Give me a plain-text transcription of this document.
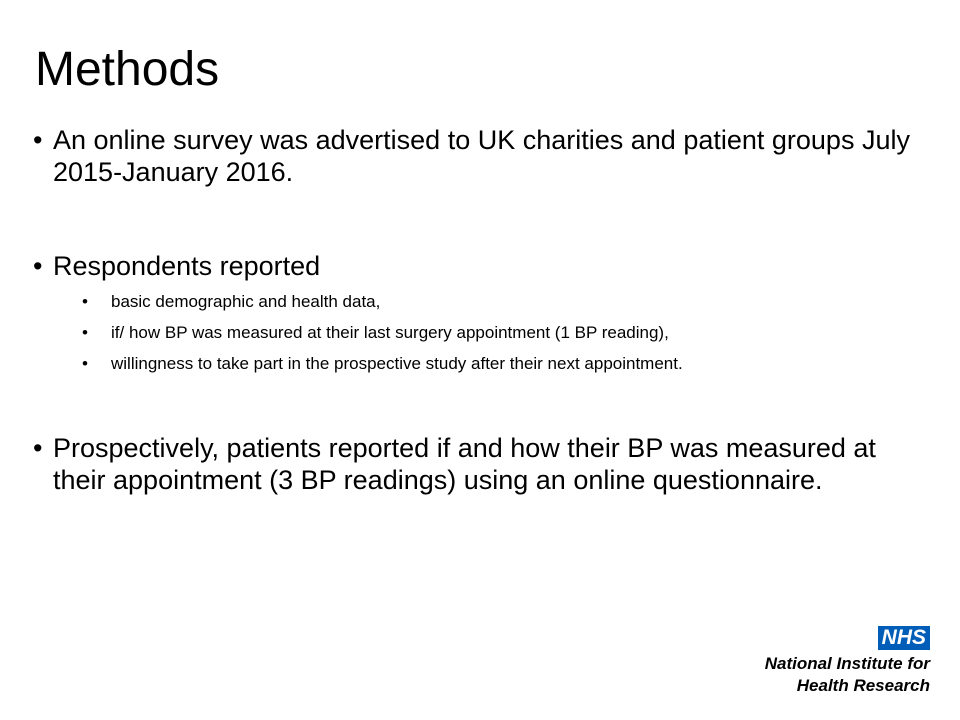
Methods
• An online survey was advertised to UK charities and patient groups July 2015-January 2016.
• Respondents reported
• basic demographic and health data,
• if/ how BP was measured at their last surgery appointment (1 BP reading),
• willingness to take part in the prospective study after their next appointment.
• Prospectively, patients reported if and how their BP was measured at their appointment (3 BP readings) using an online questionnaire.
NHS
National Institute for
Health Research
